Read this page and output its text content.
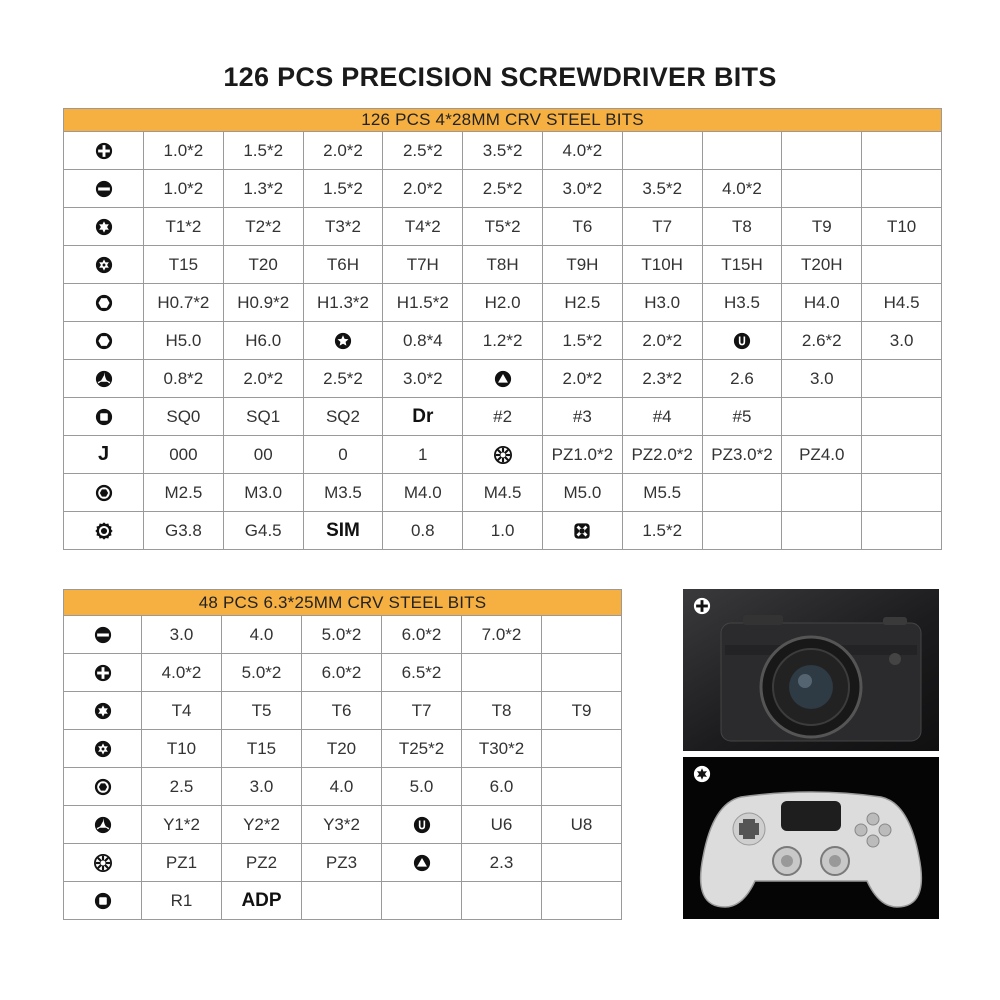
126 PCS PRECISION SCREWDRIVER BITS
126 PCS 4*28MM CRV STEEL BITS										

	1.0*2	1.5*2	2.0*2	2.5*2	3.5*2	4.0*2				

	1.0*2	1.3*2	1.5*2	2.0*2	2.5*2	3.0*2	3.5*2	4.0*2		

	T1*2	T2*2	T3*2	T4*2	T5*2	T6	T7	T8	T9	T10

	T15	T20	T6H	T7H	T8H	T9H	T10H	T15H	T20H	

	H0.7*2	H0.9*2	H1.3*2	H1.5*2	H2.0	H2.5	H3.0	H3.5	H4.0	H4.5

	H5.0	H6.0		0.8*4	1.2*2	1.5*2	2.0*2		2.6*2	3.0

	0.8*2	2.0*2	2.5*2	3.0*2		2.0*2	2.3*2	2.6	3.0	

	SQ0	SQ1	SQ2	Dr	#2	#3	#4	#5		
J	000	00	0	1		PZ1.0*2	PZ2.0*2	PZ3.0*2	PZ4.0	

	M2.5	M3.0	M3.5	M4.0	M4.5	M5.0	M5.5			

	G3.8	G4.5	SIM	0.8	1.0		1.5*2			
48 PCS 6.3*25MM CRV STEEL BITS						

	3.0	4.0	5.0*2	6.0*2	7.0*2	

	4.0*2	5.0*2	6.0*2	6.5*2		

	T4	T5	T6	T7	T8	T9

	T10	T15	T20	T25*2	T30*2	

	2.5	3.0	4.0	5.0	6.0	

	Y1*2	Y2*2	Y3*2		U6	U8

	PZ1	PZ2	PZ3		2.3	

	R1	ADP				
